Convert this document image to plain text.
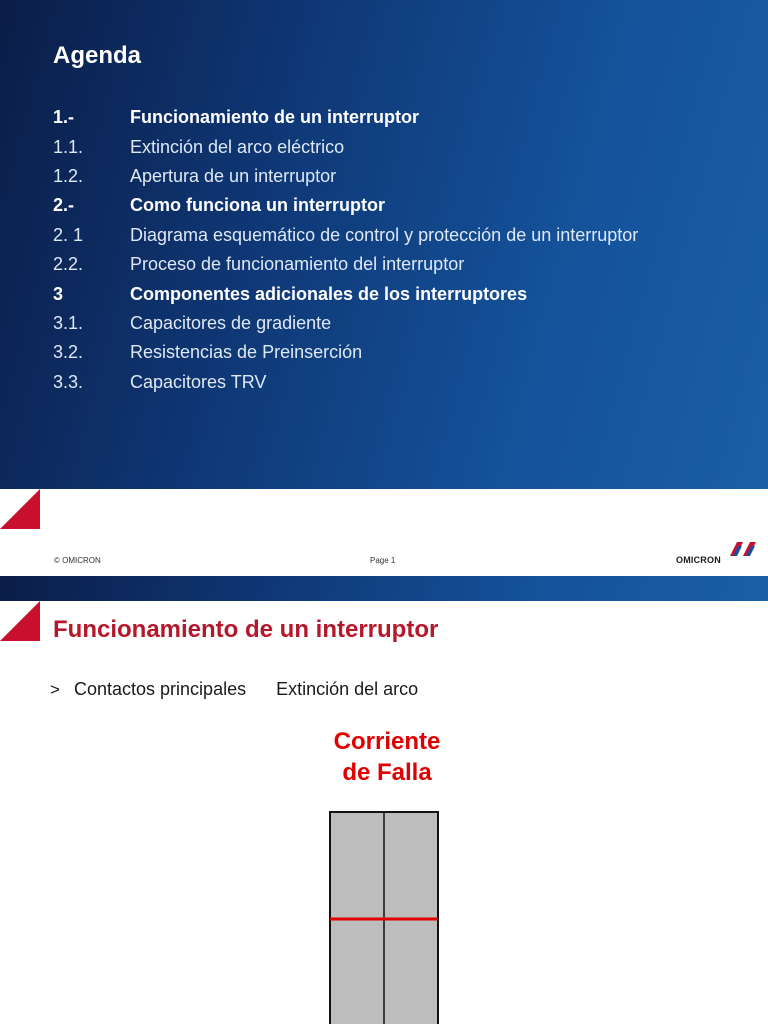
Agenda
1.-	Funcionamiento de un interruptor
1.1.	Extinción del arco eléctrico
1.2.	Apertura de un interruptor
2.-	Como funciona un interruptor
2. 1	Diagrama esquemático de control y protección de un interruptor
2.2.	Proceso de funcionamiento del interruptor
3	Componentes adicionales de los interruptores
3.1.	Capacitores de gradiente
3.2.	Resistencias de Preinserción
3.3.	Capacitores TRV
© OMICRON	Page 1	OMICRON
Funcionamiento de un interruptor
> Contactos principales Extinción del arco
Corriente
de Falla
